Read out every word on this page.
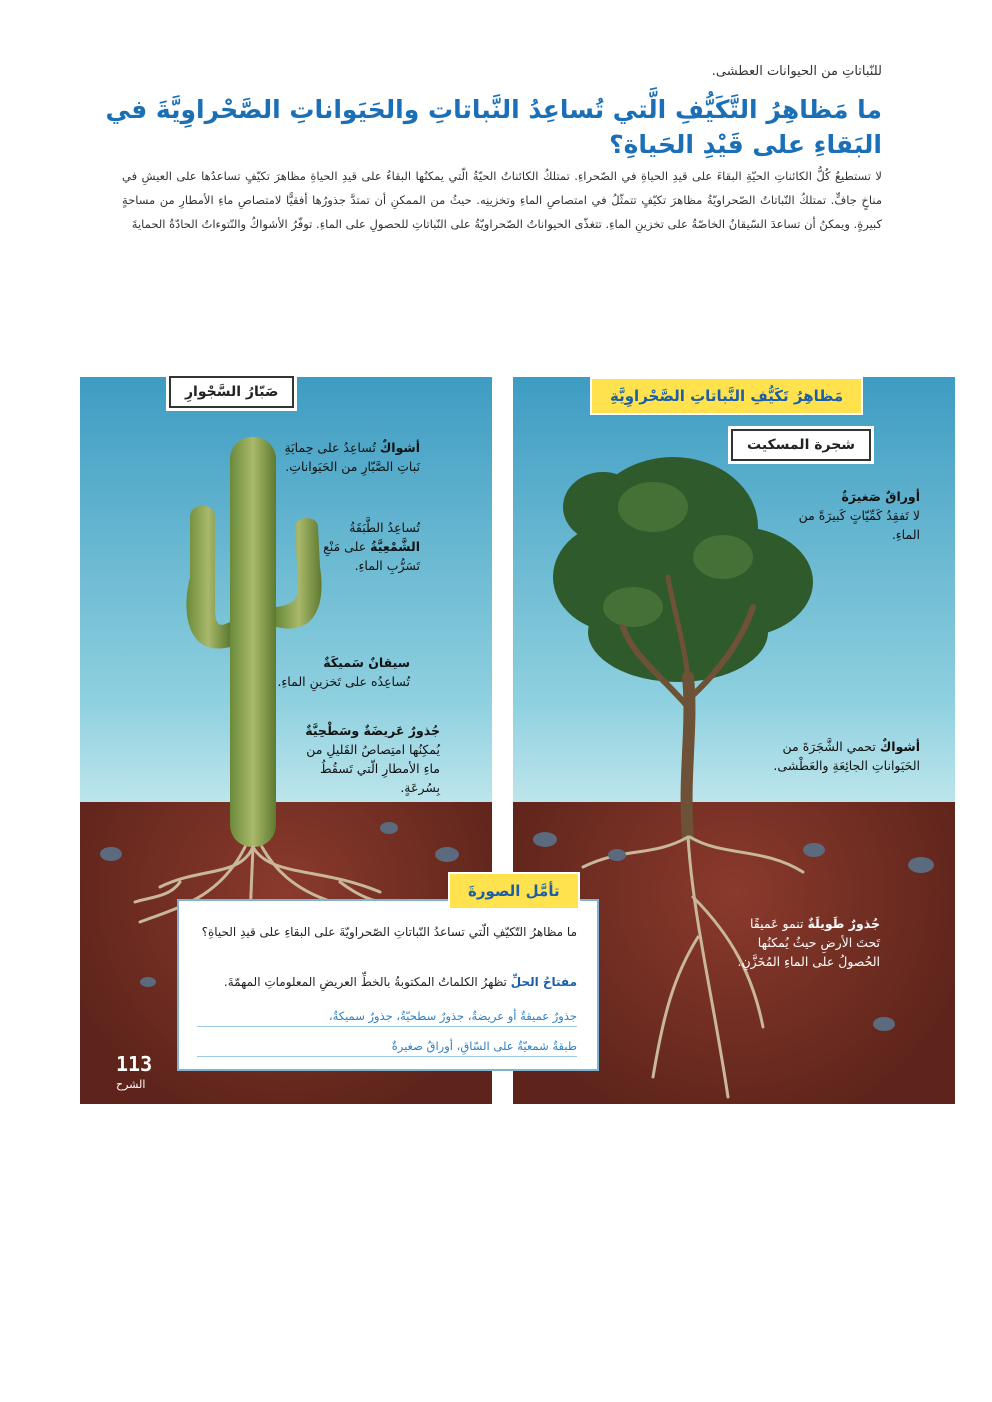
للنّباتاتِ من الحيوانات العطشى.
ما مَظاهِرُ التَّكَيُّفِ الَّتي تُساعِدُ النَّباتاتِ والحَيَواناتِ الصَّحْراوِيَّةَ في البَقاءِ على قَيْدِ الحَياةِ؟
لا تستطيعُ كُلُّ الكائناتِ الحيّةِ البقاءَ على قيدِ الحياةِ في الصّحراءِ. تمتلكُ الكائناتُ الحيّةُ الّتي يمكنُها البقاءُ على قيدِ الحياةِ مظاهرَ تكيّفٍ تساعدُها على العيشِ في مناخٍ جافٍّ. تمتلكُ النّباتاتُ الصّحراويّةُ مظاهرَ تكيّفٍ تتمثّلُ في امتصاصِ الماءِ وتخزينِه. حيثُ من الممكنِ أن تمتدَّ جذورُها أفقيًّا لامتصاصِ ماءِ الأمطارِ من مساحةٍ كبيرةٍ. ويمكنُ أن تساعدَ السّيقانُ الخاصّةُ على تخزينِ الماءِ. تتغذّى الحيواناتُ الصّحراويّةُ على النّباتاتِ للحصولِ على الماءِ. توفّرُ الأشواكُ والنّتوءاتُ الحادّةُ الحمايةَ
مَظاهِرُ تَكَيُّفِ النَّباتاتِ الصَّحْراوِيَّةِ
صَبّارُ السَّجْوارِ
شجرة المسكيت
أشواكٌ تُساعِدُ على حِمايَةِ نَباتِ الصَّبّارِ من الحَيَواناتِ.
تُساعِدُ الطَّبَقَةُ الشَّمْعِيَّةُ على مَنْعِ تَسَرُّبِ الماءِ.
سيقانٌ سَميكَةٌ
تُساعِدُه على تَخزينِ الماءِ.
جُذورٌ عَريضَةٌ وسَطْحِيَّةٌ يُمكِنُها امتِصاصُ القَليلِ من ماءِ الأمطارِ الّتي تَسقُطُ بِسُرعَةٍ.
أوراقٌ صَغيرَةٌ
لا تَفقِدُ كَمِّيّاتٍ كَبيرَةً من الماءِ.
أشواكٌ تحمي الشَّجَرَةَ من الحَيَواناتِ الجائِعَةِ والعَطْشى.
جُذورٌ طَويلَةٌ تنمو عَميقًا تَحتَ الأرضِ حيثُ يُمكنُها الحُصولُ على الماءِ المُخَزَّنِ.
ما مظاهرُ التّكيّفِ الّتي تساعدُ النّباتاتِ الصّحراويّةَ على البقاءِ على قيدِ الحياةِ؟
مفتاحُ الحلِّ تظهرُ الكلماتُ المكتوبةُ بالخطِّ العريضِ المعلوماتِ المهمّةَ.
جذورٌ عميقةٌ أو عريضةٌ، جذورٌ سطحيّةٌ، جذورٌ سميكةٌ،
طبقةٌ شمعيّةٌ على السّاقِ، أوراقٌ صغيرةٌ
تأمَّل الصورةَ
113
الشرح
